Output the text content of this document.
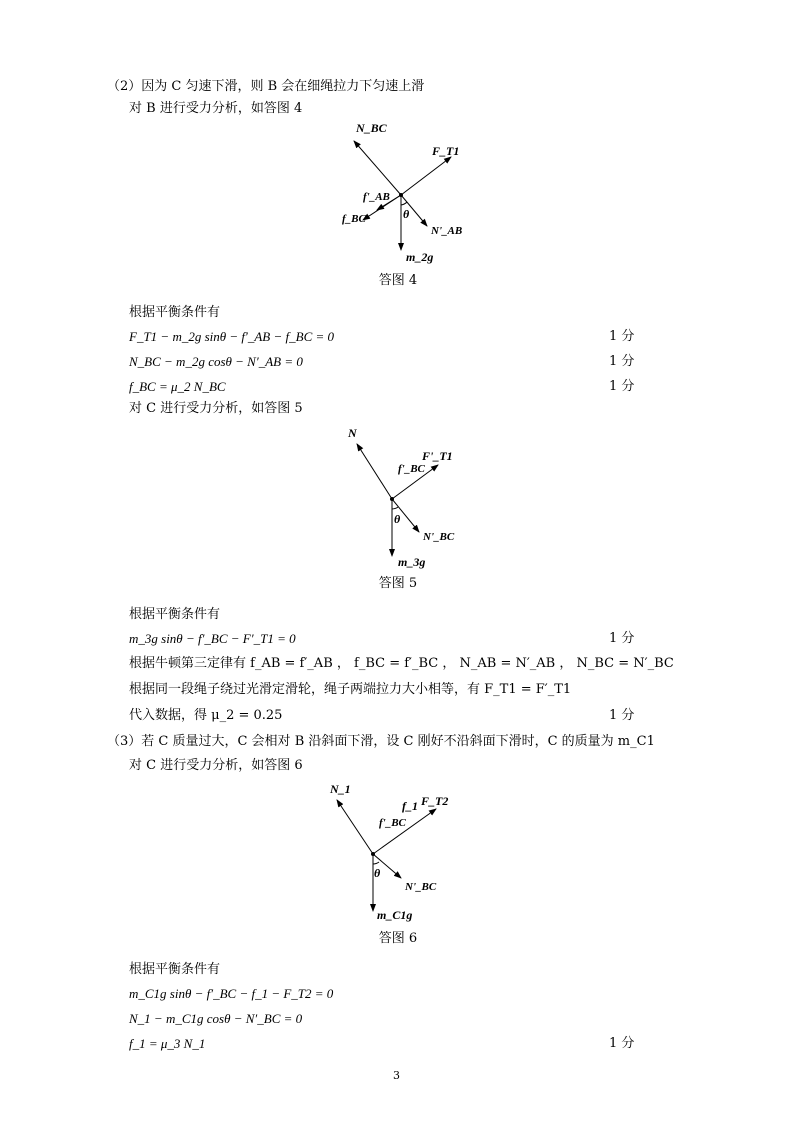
（2）因为 C 匀速下滑，则 B 会在细绳拉力下匀速上滑
对 B 进行受力分析，如答图 4
N_BC
F_T1
f'_AB
f_BC	θ
N'_AB
m_2g
答图 4
根据平衡条件有
F_T1 − m_2g sinθ − f′_AB − f_BC = 0	1 分
N_BC − m_2g cosθ − N′_AB = 0	1 分
f_BC = μ_2 N_BC	1 分
对 C 进行受力分析，如答图 5
N
F'_T1
f'_BC
θ
N'_BC
m_3g
答图 5
根据平衡条件有
m_3g sinθ − f′_BC − F′_T1 = 0	1 分
根据牛顿第三定律有 f_AB = f′_AB ， f_BC = f′_BC ， N_AB = N′_AB ， N_BC = N′_BC
根据同一段绳子绕过光滑定滑轮，绳子两端拉力大小相等，有 F_T1 = F′_T1
代入数据，得 μ_2 = 0.25	1 分
（3）若 C 质量过大，C 会相对 B 沿斜面下滑，设 C 刚好不沿斜面下滑时，C 的质量为 m_C1
对 C 进行受力分析，如答图 6
N_1
F_T2
f_1
f'_BC
θ
N'_BC
m_C1g
答图 6
根据平衡条件有
m_C1g sinθ − f′_BC − f_1 − F_T2 = 0
N_1 − m_C1g cosθ − N′_BC = 0
f_1 = μ_3 N_1	1 分
3
